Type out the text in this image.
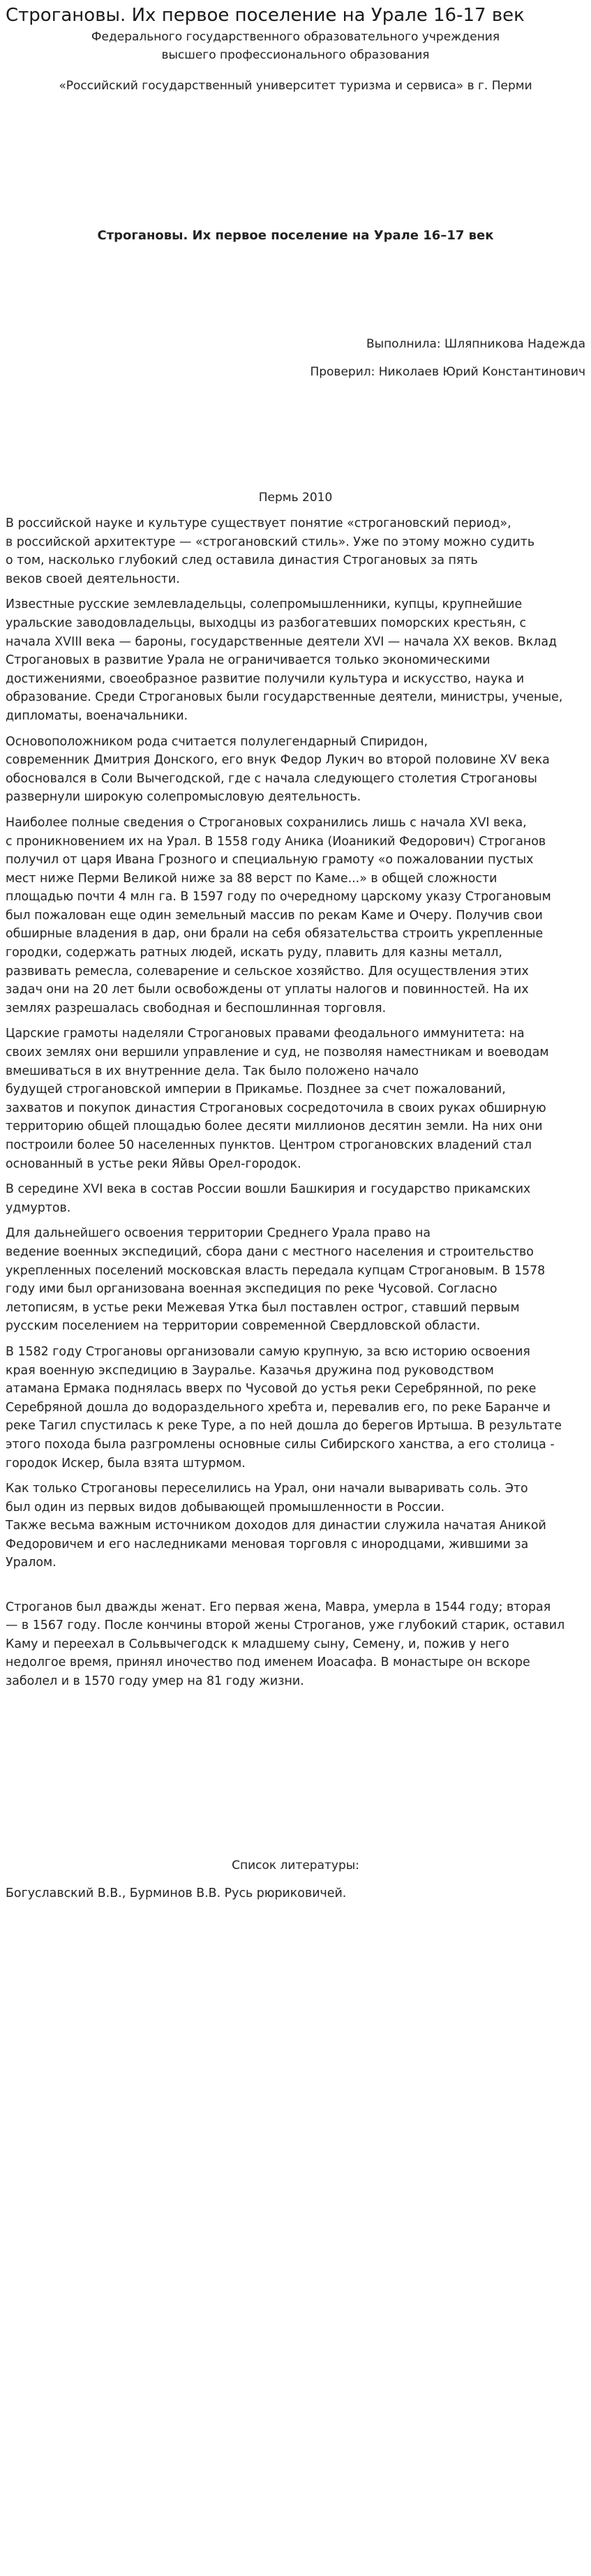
Строгановы. Их первое поселение на Урале 16-17 век

Федерального государственного образовательного учреждения
высшего профессионального образования

«Российский государственный университет туризма и сервиса» в г. Перми

Строгановы. Их первое поселение на Урале 16–17 век

Выполнила: Шляпникова Надежда

Проверил: Николаев Юрий Константинович

Пермь 2010

В российской науке и культуре существует понятие «строгановский период»,
в российской архитектуре — «строгановский стиль». Уже по этому можно судить
о том, насколько глубокий след оставила династия Строгановых за пять
веков своей деятельности.

Известные русские землевладельцы, солепромышленники, купцы, крупнейшие
уральские заводовладельцы, выходцы из разбогатевших поморских крестьян, с
начала XVIII века — бароны, государственные деятели XVI — начала XX веков. Вклад
Строгановых в развитие Урала не ограничивается только экономическими
достижениями, своеобразное развитие получили культура и искусство, наука и
образование. Среди Строгановых были государственные деятели, министры, ученые,
дипломаты, военачальники.

Основоположником рода считается полулегендарный Спиридон,
современник Дмитрия Донского, его внук Федор Лукич во второй половине XV века
обосновался в Соли Вычегодской, где с начала следующего столетия Строгановы
развернули широкую солепромысловую деятельность.

Наиболее полные сведения о Строгановых сохранились лишь с начала XVI века,
с проникновением их на Урал. В 1558 году Аника (Иоаникий Федорович) Строганов
получил от царя Ивана Грозного и специальную грамоту «о пожаловании пустых
мест ниже Перми Великой ниже за 88 верст по Каме...» в общей сложности
площадью почти 4 млн га. В 1597 году по очередному царскому указу Строгановым
был пожалован еще один земельный массив по рекам Каме и Очеру. Получив свои
обширные владения в дар, они брали на себя обязательства строить укрепленные
городки, содержать ратных людей, искать руду, плавить для казны металл,
развивать ремесла, солеварение и сельское хозяйство. Для осуществления этих
задач они на 20 лет были освобождены от уплаты налогов и повинностей. На их
землях разрешалась свободная и беспошлинная торговля.

Царские грамоты наделяли Строгановых правами феодального иммунитета: на
своих землях они вершили управление и суд, не позволяя наместникам и воеводам
вмешиваться в их внутренние дела. Так было положено начало
будущей строгановской империи в Прикамье. Позднее за счет пожалований,
захватов и покупок династия Строгановых сосредоточила в своих руках обширную
территорию общей площадью более десяти миллионов десятин земли. На них они
построили более 50 населенных пунктов. Центром строгановских владений стал
основанный в устье реки Яйвы Орел-городок.

В середине XVI века в состав России вошли Башкирия и государство прикамских
удмуртов.

Для дальнейшего освоения территории Среднего Урала право на
ведение военных экспедиций, сбора дани с местного населения и строительство
укрепленных поселений московская власть передала купцам Строгановым. В 1578
году ими был организована военная экспедиция по реке Чусовой. Согласно
летописям, в устье реки Межевая Утка был поставлен острог, ставший первым
русским поселением на территории современной Свердловской области.

В 1582 году Строгановы организовали самую крупную, за всю историю освоения
края военную экспедицию в Зауралье. Казачья дружина под руководством
атамана Ермака поднялась вверх по Чусовой до устья реки Серебрянной, по реке
Серебряной дошла до водораздельного хребта и, перевалив его, по реке Баранче и
реке Тагил спустилась к реке Туре, а по ней дошла до берегов Иртыша. В результате
этого похода была разгромлены основные силы Сибирского ханства, а его столица -
городок Искер, была взята штурмом.

Как только Строгановы переселились на Урал, они начали вываривать соль. Это
был один из первых видов добывающей промышленности в России.
Также весьма важным источником доходов для династии служила начатая Аникой
Федоровичем и его наследниками меновая торговля с инородцами, жившими за
Уралом.

Строганов был дважды женат. Его первая жена, Мавра, умерла в 1544 году; вторая
— в 1567 году. После кончины второй жены Строганов, уже глубокий старик, оставил
Каму и переехал в Сольвычегодск к младшему сыну, Семену, и, пожив у него
недолгое время, принял иночество под именем Иоасафа. В монастыре он вскоре
заболел и в 1570 году умер на 81 году жизни.

Список литературы:

Богуславский В.В., Бурминов В.В. Русь рюриковичей.
